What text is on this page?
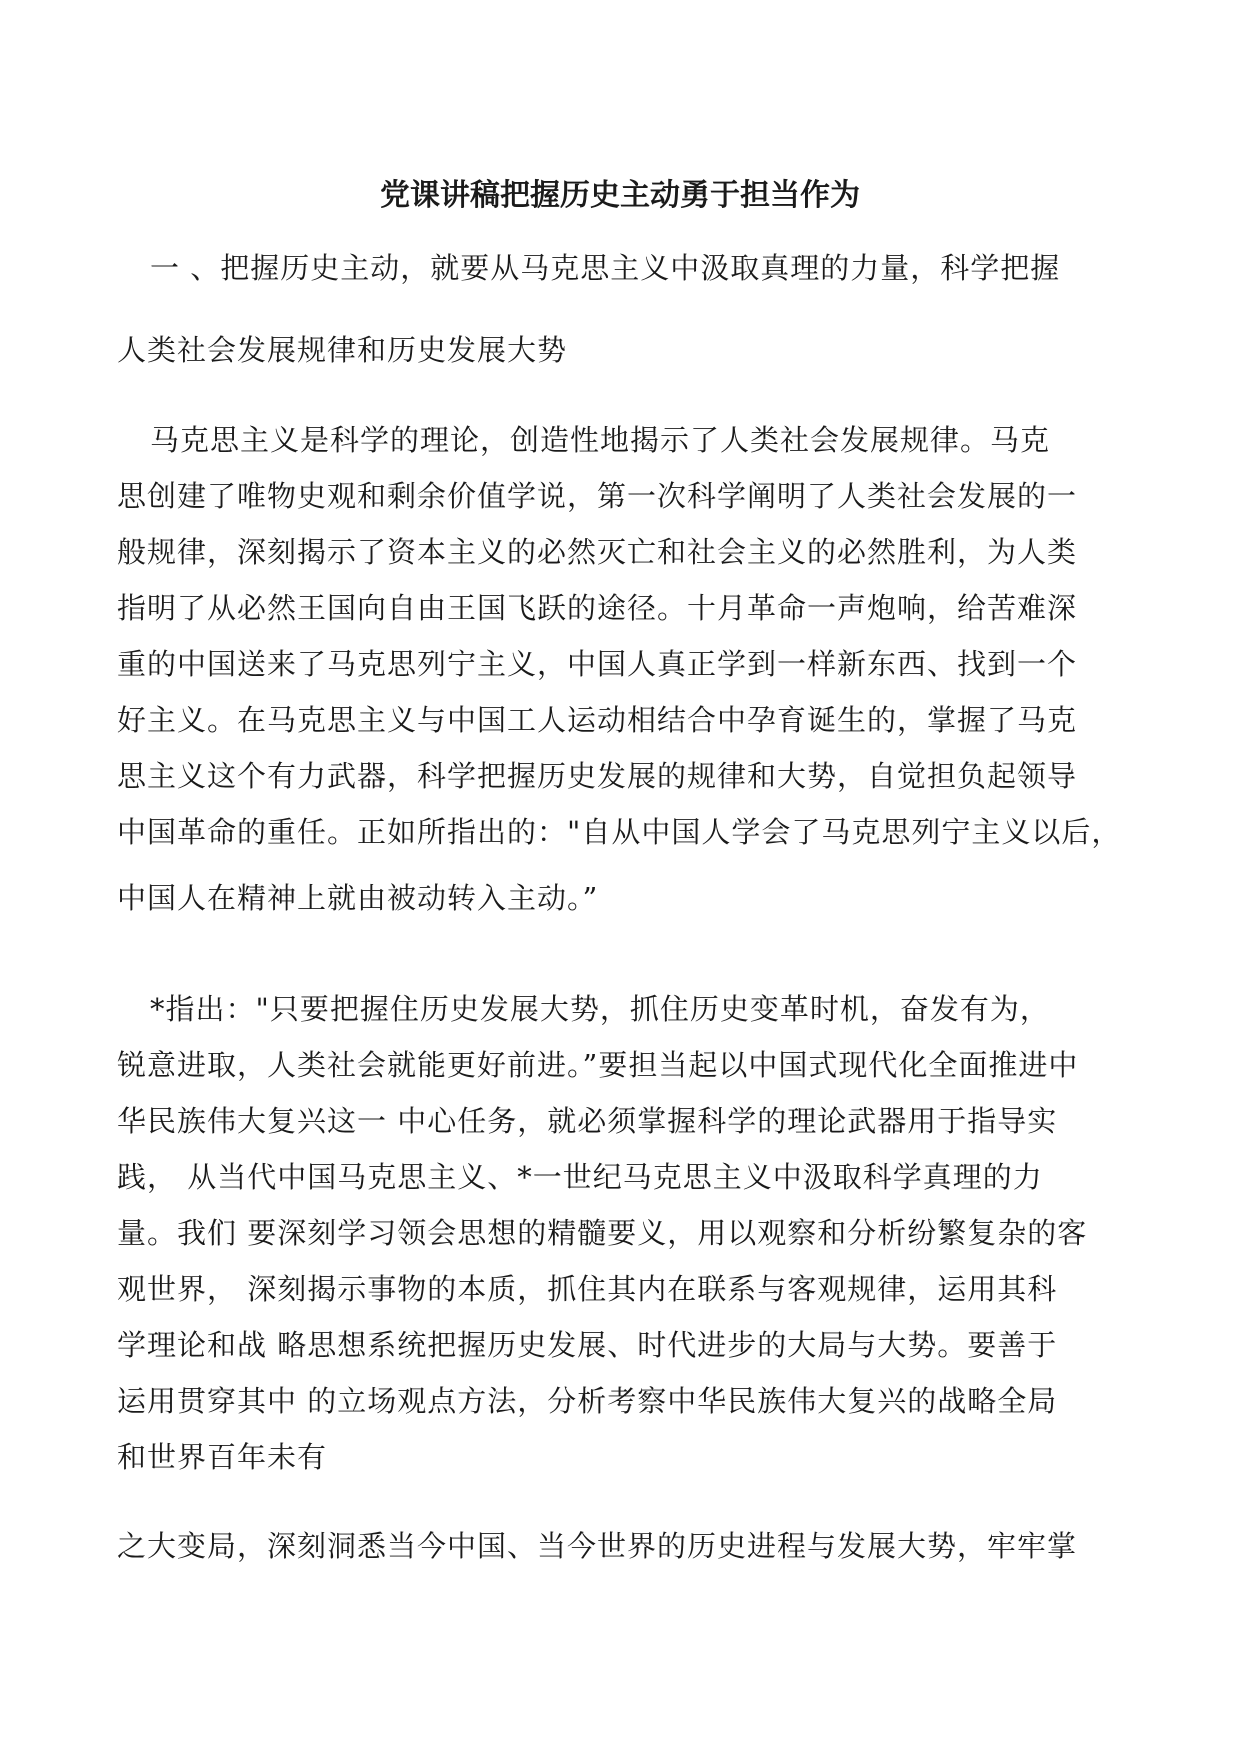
党课讲稿把握历史主动勇于担当作为
一 、把握历史主动，就要从马克思主义中汲取真理的力量，科学把握
人类社会发展规律和历史发展大势
马克思主义是科学的理论，创造性地揭示了人类社会发展规律。马克
思创建了唯物史观和剩余价值学说，第一次科学阐明了人类社会发展的一
般规律，深刻揭示了资本主义的必然灭亡和社会主义的必然胜利，为人类
指明了从必然王国向自由王国飞跃的途径。十月革命一声炮响，给苦难深
重的中国送来了马克思列宁主义，中国人真正学到一样新东西、找到一个
好主义。在马克思主义与中国工人运动相结合中孕育诞生的，掌握了马克
思主义这个有力武器，科学把握历史发展的规律和大势，自觉担负起领导
中国革命的重任。正如所指出的："自从中国人学会了马克思列宁主义以后，
中国人在精神上就由被动转入主动。”
*指出："只要把握住历史发展大势，抓住历史变革时机，奋发有为，
锐意进取，人类社会就能更好前进。”要担当起以中国式现代化全面推进中
华民族伟大复兴这一 中心任务，就必须掌握科学的理论武器用于指导实
践， 从当代中国马克思主义、*一世纪马克思主义中汲取科学真理的力
量。我们 要深刻学习领会思想的精髓要义，用以观察和分析纷繁复杂的客
观世界， 深刻揭示事物的本质，抓住其内在联系与客观规律，运用其科
学理论和战 略思想系统把握历史发展、时代进步的大局与大势。要善于
运用贯穿其中 的立场观点方法，分析考察中华民族伟大复兴的战略全局
和世界百年未有
之大变局，深刻洞悉当今中国、当今世界的历史进程与发展大势，牢牢掌
